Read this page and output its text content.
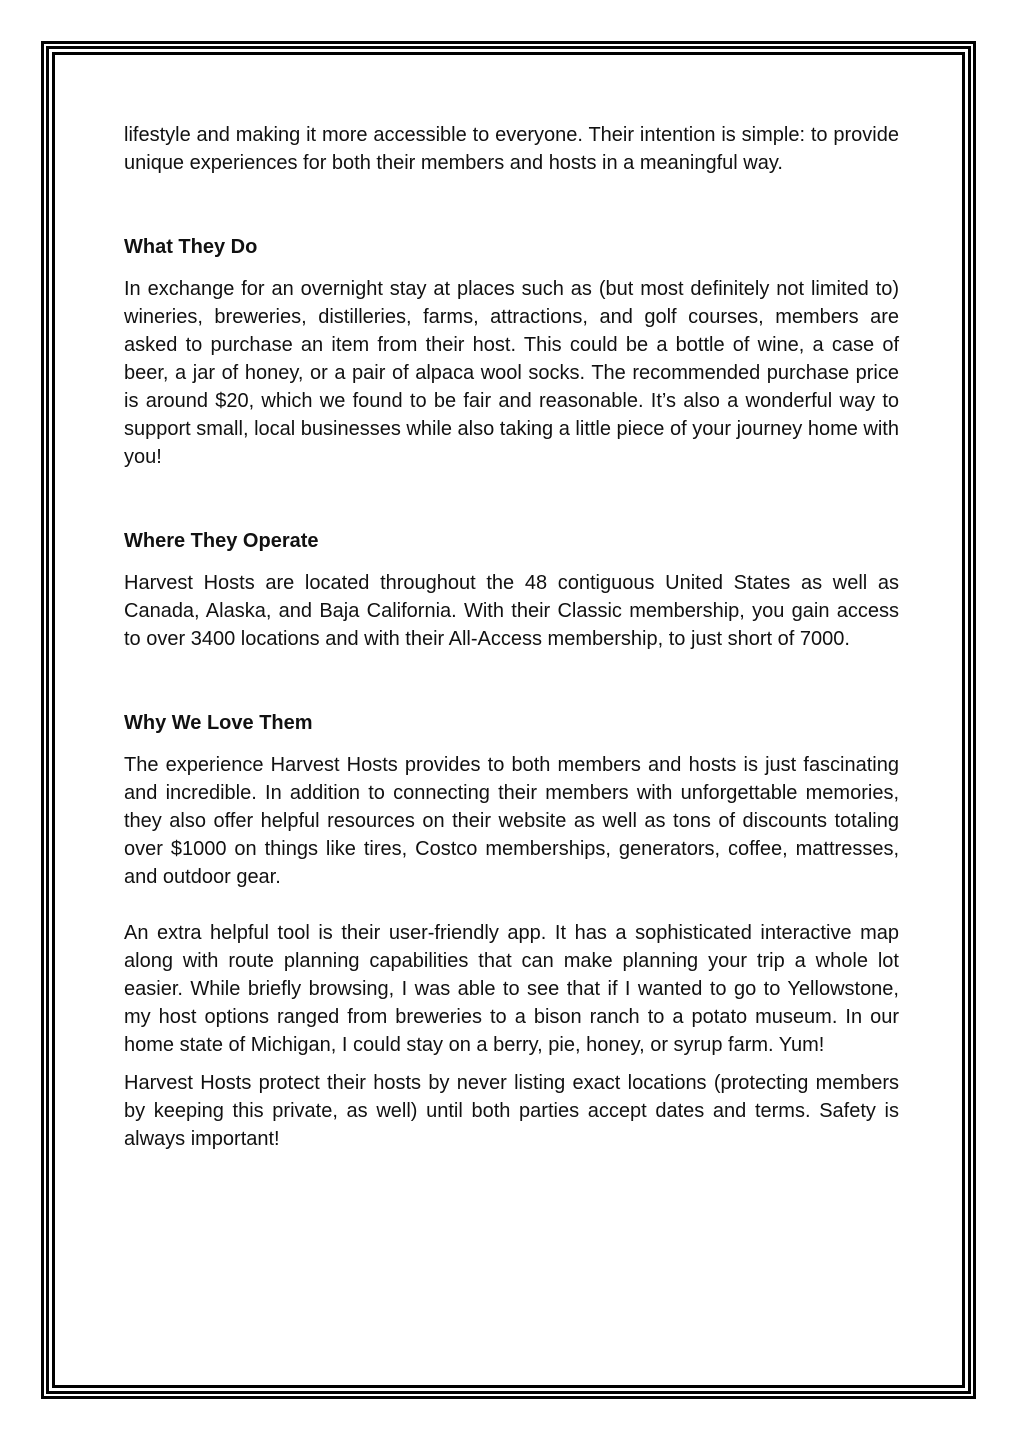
lifestyle and making it more accessible to everyone. Their intention is simple: to provide unique experiences for both their members and hosts in a meaningful way.

What They Do

In exchange for an overnight stay at places such as (but most definitely not limited to) wineries, breweries, distilleries, farms, attractions, and golf courses, members are asked to purchase an item from their host. This could be a bottle of wine, a case of beer, a jar of honey, or a pair of alpaca wool socks. The recommended purchase price is around $20, which we found to be fair and reasonable. It’s also a wonderful way to support small, local businesses while also taking a little piece of your journey home with you!

Where They Operate

Harvest Hosts are located throughout the 48 contiguous United States as well as Canada, Alaska, and Baja California. With their Classic membership, you gain access to over 3400 locations and with their All-Access membership, to just short of 7000.

Why We Love Them

The experience Harvest Hosts provides to both members and hosts is just fascinating and incredible. In addition to connecting their members with unforgettable memories, they also offer helpful resources on their website as well as tons of discounts totaling over $1000 on things like tires, Costco memberships, generators, coffee, mattresses, and outdoor gear.

An extra helpful tool is their user-friendly app. It has a sophisticated interactive map along with route planning capabilities that can make planning your trip a whole lot easier. While briefly browsing, I was able to see that if I wanted to go to Yellowstone, my host options ranged from breweries to a bison ranch to a potato museum. In our home state of Michigan, I could stay on a berry, pie, honey, or syrup farm. Yum!

Harvest Hosts protect their hosts by never listing exact locations (protecting members by keeping this private, as well) until both parties accept dates and terms. Safety is always important!
